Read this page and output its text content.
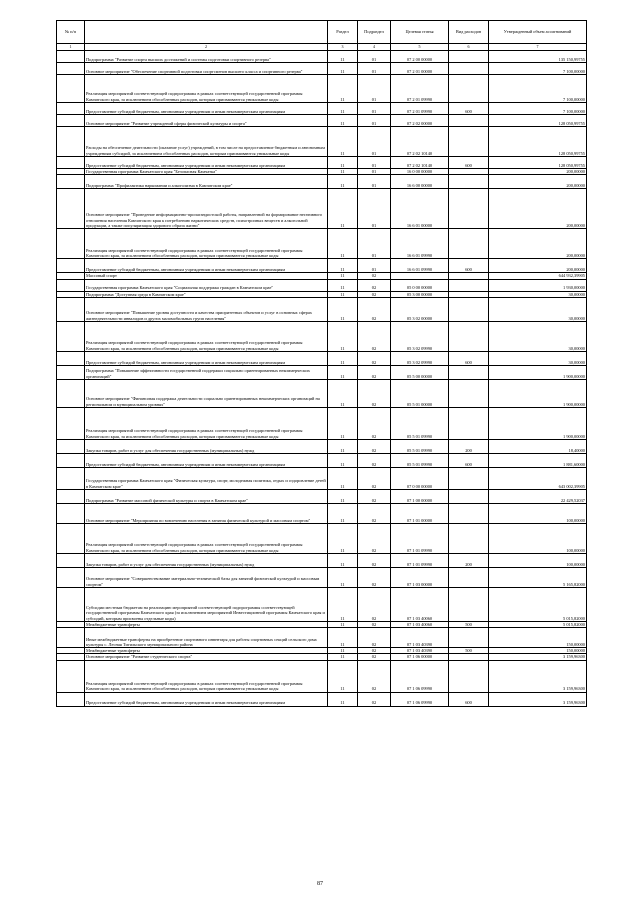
№ п/п		Раздел	Подраздел	Целевая статья	Вид расходов	Утвержденный объем ассигнований
1	2	3	4	5	6	7
	Подпрограмма "Развитие спорта высших достижений и системы подготовки спортивного резерва"	11	01	07 2 00 00000		135 150,99755
	Основное мероприятие "Обеспечение спортивной подготовки спортсменов высшего класса и спортивного резерва"	11	01	07 2 01 00000		7 100,00000
	Реализация мероприятий соответствующей подпрограммы в рамках соответствующей государственной программы Камчатского края, за исключением обособленных расходов, которым присваиваются уникальные коды	11	01	07 2 01 09990		7 100,00000
	Предоставление субсидий бюджетным, автономным учреждениям и иным некоммерческим организациям	11	01	07 2 01 09990	600	7 100,00000
	Основное мероприятие "Развитие учреждений сферы физической культуры и спорта"	11	01	07 2 02 00000		128 050,99755
	Расходы на обеспечение деятельности (оказание услуг) учреждений, в том числе на предоставление бюджетным и автономным учреждениям субсидий, за исключением обособленных расходов, которым присваиваются уникальные коды	11	01	07 2 02 10140		128 050,99755
	Предоставление субсидий бюджетным, автономным учреждениям и иным некоммерческим организациям	11	01	07 2 02 10140	600	128 050,99755
	Государственная программа Камчатского края "Безопасная Камчатка"	11	01	16 0 00 00000		200,00000
	Подпрограмма "Профилактика наркомании и алкоголизма в Камчатском крае"	11	01	16 6 00 00000		200,00000
	Основное мероприятие "Проведение информационно-пропагандистской работы, направленной на формирование негативного отношения населения Камчатского края к потреблению наркотических средств, психотропных веществ и алкогольной продукции, а также популяризация здорового образа жизни"	11	01	16 6 01 00000		200,00000
	Реализация мероприятий соответствующей подпрограммы в рамках соответствующей государственной программы Камчатского края, за исключением обособленных расходов, которым присваиваются уникальные коды	11	01	16 6 01 09990		200,00000
	Предоставление субсидий бюджетным, автономным учреждениям и иным некоммерческим организациям	11	01	16 6 01 09990	600	200,00000
	Массовый спорт	11	02			644 932,39905
	Государственная программа Камчатского края "Социальная поддержка граждан в Камчатском крае"	11	02	05 0 00 00000		1 930,00000
	Подпрограмма "Доступная среда в Камчатском крае"	11	02	05 3 00 00000		30,00000
	Основное мероприятие "Повышение уровня доступности и качества приоритетных объектов и услуг в основных сферах жизнедеятельности инвалидов и других маломобильных групп населения"	11	02	05 3 02 00000		30,00000
	Реализация мероприятий соответствующей подпрограммы в рамках соответствующей государственной программы Камчатского края, за исключением обособленных расходов, которым присваиваются уникальные коды	11	02	05 3 02 09990		30,00000
	Предоставление субсидий бюджетным, автономным учреждениям и иным некоммерческим организациям	11	02	05 3 02 09990	600	30,00000
	Подпрограмма "Повышение эффективности государственной поддержки социально ориентированных некоммерческих организаций"	11	02	05 5 00 00000		1 900,00000
	Основное мероприятие "Финансовая поддержка деятельности социально ориентированных некоммерческих организаций на региональном и муниципальном уровнях"	11	02	05 5 01 00000		1 900,00000
	Реализация мероприятий соответствующей подпрограммы в рамках соответствующей государственной программы Камчатского края, за исключением обособленных расходов, которым присваиваются уникальные коды	11	02	05 5 01 09990		1 900,00000
	Закупка товаров, работ и услуг для обеспечения государственных (муниципальных) нужд	11	02	05 5 01 09990	200	18,40000
	Предоставление субсидий бюджетным, автономным учреждениям и иным некоммерческим организациям	11	02	05 5 01 09990	600	1 881,60000
	Государственная программа Камчатского края "Физическая культура, спорт, молодежная политика, отдых и оздоровление детей в Камчатском крае"	11	02	07 0 00 00000		643 002,39905
	Подпрограмма "Развитие массовой физической культуры и спорта в Камчатском крае"	11	02	07 1 00 00000		22 429,52037
	Основное мероприятие "Мероприятия по вовлечению населения в занятия физической культурой и массовым спортом"	11	02	07 1 01 00000		100,00000
	Реализация мероприятий соответствующей подпрограммы в рамках соответствующей государственной программы Камчатского края, за исключением обособленных расходов, которым присваиваются уникальные коды	11	02	07 1 01 09990		100,00000
	Закупка товаров, работ и услуг для обеспечения государственных (муниципальных) нужд	11	02	07 1 01 09990	200	100,00000
	Основное мероприятие "Совершенствование материально-технической базы для занятий физической культурой и массовым спортом"	11	02	07 1 03 00000		5 165,82000
	Субсидии местным бюджетам на реализацию мероприятий соответствующей подпрограммы соответствующей государственной программы Камчатского края (за исключением мероприятий Инвестиционной программы Камчатского края и субсидий, которым присвоены отдельные коды)	11	02	07 1 03 40060		5 015,82000
	Межбюджетные трансферты	11	02	07 1 03 40060	500	5 015,82000
	Иные межбюджетные трансферты на приобретение спортивного инвентаря для работы спортивных секций сельского дома культуры с. Лесная Тигильского муниципального района	11	02	07 1 03 40390		150,00000
	Межбюджетные трансферты	11	02	07 1 03 40390	500	150,00000
	Основное мероприятие "Развитие студенческого спорта"	11	02	07 1 06 00000		3 159,96300
	Реализация мероприятий соответствующей подпрограммы в рамках соответствующей государственной программы Камчатского края, за исключением обособленных расходов, которым присваиваются уникальные коды	11	02	07 1 06 09990		3 159,96300
	Предоставление субсидий бюджетным, автономным учреждениям и иным некоммерческим организациям	11	02	07 1 06 09990	600	3 159,96300
87
